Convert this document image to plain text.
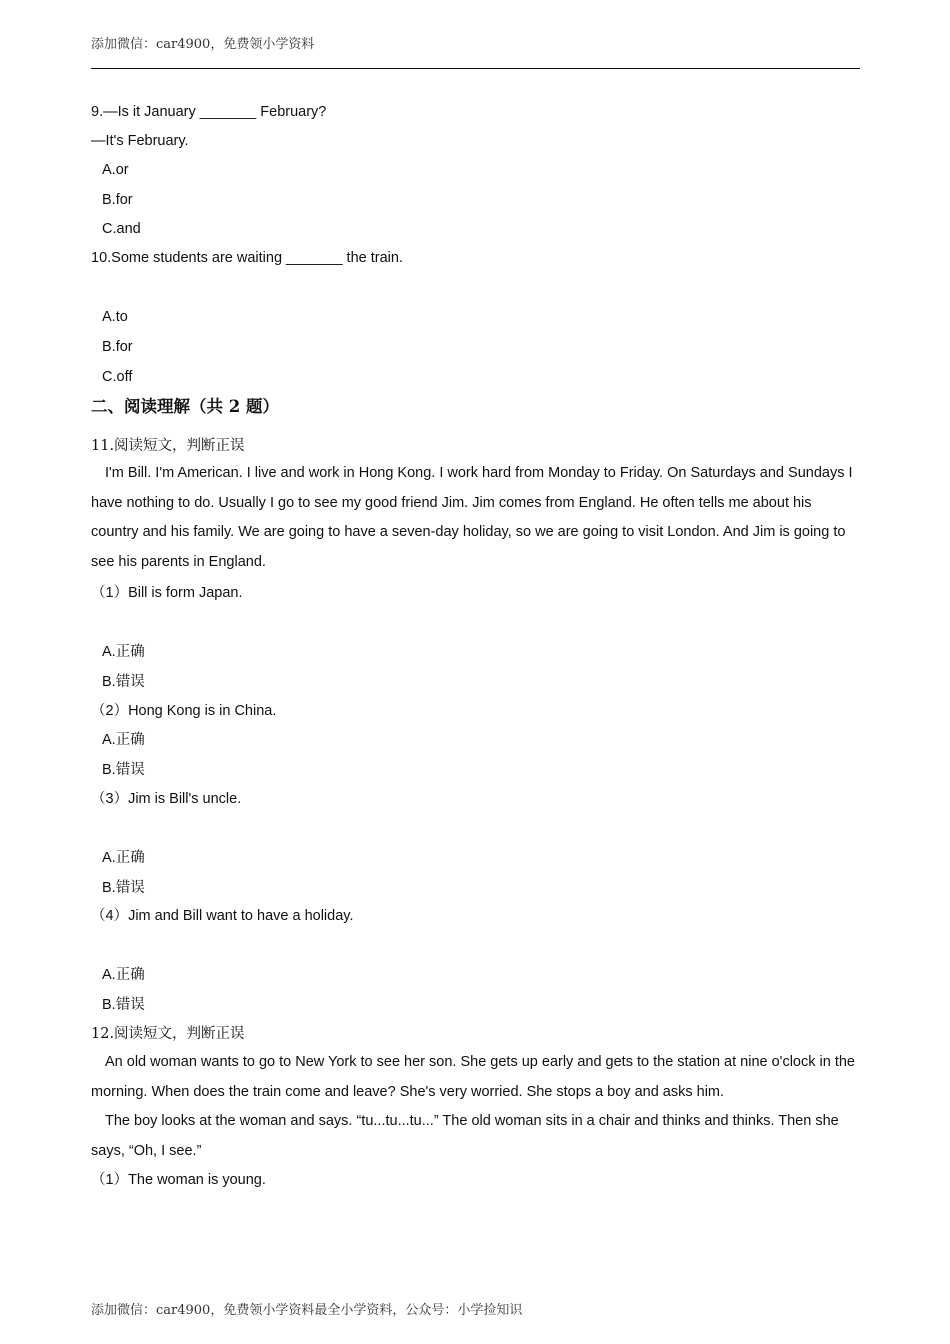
添加微信：car4900，免费领小学资料
9.—Is it January _______ February?
—It's February.
A.or
B.for
C.and
10.Some students are waiting _______ the train.
A.to
B.for
C.off
二、阅读理解（共 2 题）
11.阅读短文，判断正误
I'm Bill. I'm American. I live and work in Hong Kong. I work hard from Monday to Friday. On Saturdays and Sundays I have nothing to do. Usually I go to see my good friend Jim. Jim comes from England. He often tells me about his country and his family. We are going to have a seven-day holiday, so we are going to visit London. And Jim is going to see his parents in England.
（1）Bill is form Japan.
A.正确
B.错误
（2）Hong Kong is in China.
A.正确
B.错误
（3）Jim is Bill's uncle.
A.正确
B.错误
（4）Jim and Bill want to have a holiday.
A.正确
B.错误
12.阅读短文，判断正误
An old woman wants to go to New York to see her son. She gets up early and gets to the station at nine o'clock in the morning. When does the train come and leave? She's very worried. She stops a boy and asks him.
The boy looks at the woman and says. “tu...tu...tu...” The old woman sits in a chair and thinks and thinks. Then she says, “Oh, I see.”
（1）The woman is young.
添加微信：car4900，免费领小学资料最全小学资料，公众号：小学捡知识
